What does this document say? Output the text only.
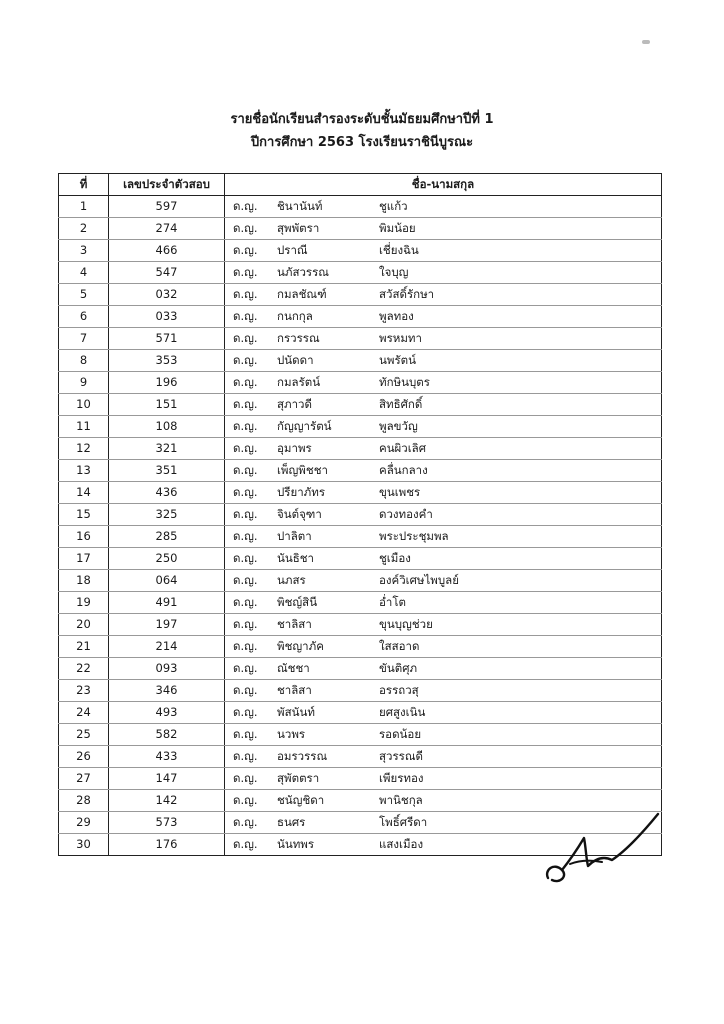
รายชื่อนักเรียนสำรองระดับชั้นมัธยมศึกษาปีที่ 1
ปีการศึกษา 2563 โรงเรียนราชินีบูรณะ
ที่	เลขประจำตัวสอบ	ชื่อ-นามสกุล
1	597	ด.ญ. ชินานันท์ ชูแก้ว

2	274	ด.ญ. สุพพัตรา พิมน้อย

3	466	ด.ญ. ปราณี เชี่ยงฉิน

4	547	ด.ญ. นภัสวรรณ ใจบุญ

5	032	ด.ญ. กมลชัณฑ์ สวัสดิ์รักษา

6	033	ด.ญ. กนกกุล พูลทอง

7	571	ด.ญ. กรวรรณ พรหมทา

8	353	ด.ญ. ปนัดดา นพรัตน์

9	196	ด.ญ. กมลรัตน์ ทักษินบุตร

10	151	ด.ญ. สุภาวดี สิทธิศักดิ์

11	108	ด.ญ. กัญญารัตน์ พูลขวัญ

12	321	ด.ญ. อุมาพร คนผิวเลิศ

13	351	ด.ญ. เพ็ญพิชชา คลื่นกลาง

14	436	ด.ญ. ปรียาภัทร ขุนเพชร

15	325	ด.ญ. จินต์จุฑา ดวงทองคำ

16	285	ด.ญ. ปาลิตา พระประชุมพล

17	250	ด.ญ. นันธิชา ชูเมือง

18	064	ด.ญ. นภสร องค์วิเศษไพบูลย์

19	491	ด.ญ. พิชญ์สินี อ่ำโต

20	197	ด.ญ. ชาลิสา ขุนบุญช่วย

21	214	ด.ญ. พิชญาภัค ใสสอาด

22	093	ด.ญ. ณัชชา ขันติศุภ

23	346	ด.ญ. ชาลิสา อรรถวสุ

24	493	ด.ญ. พัสนันท์ ยศสูงเนิน

25	582	ด.ญ. นวพร รอดน้อย

26	433	ด.ญ. อมรวรรณ สุวรรณดี

27	147	ด.ญ. สุพัตตรา เพียรทอง

28	142	ด.ญ. ชนัญชิดา พานิชกุล

29	573	ด.ญ. ธนศร โพธิ์ศรีดา

30	176	ด.ญ. นันทพร แสงเมือง
